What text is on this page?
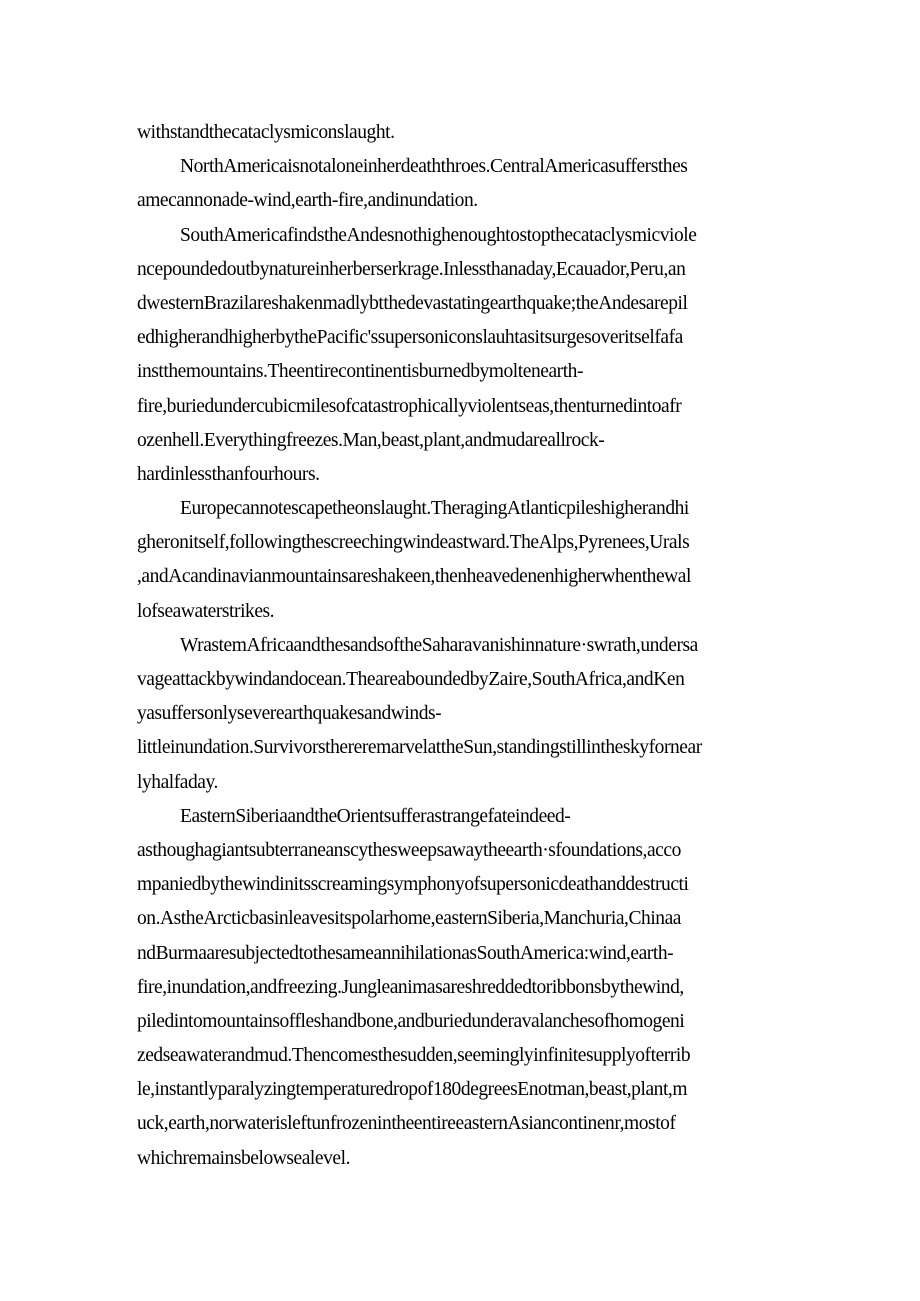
withstandthecataclysmiconslaught.
NorthAmericaisnotaloneinherdeaththroes.CentralAmericasuffersthes
amecannonade-wind,earth-fire,andinundation.
SouthAmericafindstheAndesnothighenoughtostopthecataclysmicviole
ncepoundedoutbynatureinherberserkrage.Inlessthanaday,Ecauador,Peru,an
dwesternBrazilareshakenmadlybtthedevastatingearthquake;theAndesarepil
edhigherandhigherbythePacific'ssupersoniconslauhtasitsurgesoveritselfafa
instthemountains.Theentirecontinentisburnedbymoltenearth-
fire,buriedundercubicmilesofcatastrophicallyviolentseas,thenturnedintoafr
ozenhell.Everythingfreezes.Man,beast,plant,andmudareallrock-
hardinlessthanfourhours.
Europecannotescapetheonslaught.TheragingAtlanticpileshigherandhi
gheronitself,followingthescreechingwindeastward.TheAlps,Pyrenees,Urals
,andAcandinavianmountainsareshakeen,thenheavedenenhigherwhenthewal
lofseawaterstrikes.
WrastemAfricaandthesandsoftheSaharavanishinnature·swrath,undersa
vageattackbywindandocean.TheareaboundedbyZaire,SouthAfrica,andKen
yasuffersonlyseverearthquakesandwinds-
littleinundation.SurvivorsthereremarvelattheSun,standingstillintheskyfornear
lyhalfaday.
EasternSiberiaandtheOrientsufferastrangefateindeed-
asthoughagiantsubterraneanscythesweepsawaytheearth·sfoundations,acco
mpaniedbythewindinitsscreamingsymphonyofsupersonicdeathanddestructi
on.AstheArcticbasinleavesitspolarhome,easternSiberia,Manchuria,Chinaa
ndBurmaaresubjectedtothesameannihilationasSouthAmerica:wind,earth-
fire,inundation,andfreezing.Jungleanimasareshreddedtoribbonsbythewind,
piledintomountainsoffleshandbone,andburiedunderavalanchesofhomogeni
zedseawaterandmud.Thencomesthesudden,seeminglyinfinitesupplyofterrib
le,instantlyparalyzingtemperaturedropof180degreesEnotman,beast,plant,m
uck,earth,norwaterisleftunfrozenintheentireeasternAsiancontinenr,mostof
whichremainsbelowsealevel.
